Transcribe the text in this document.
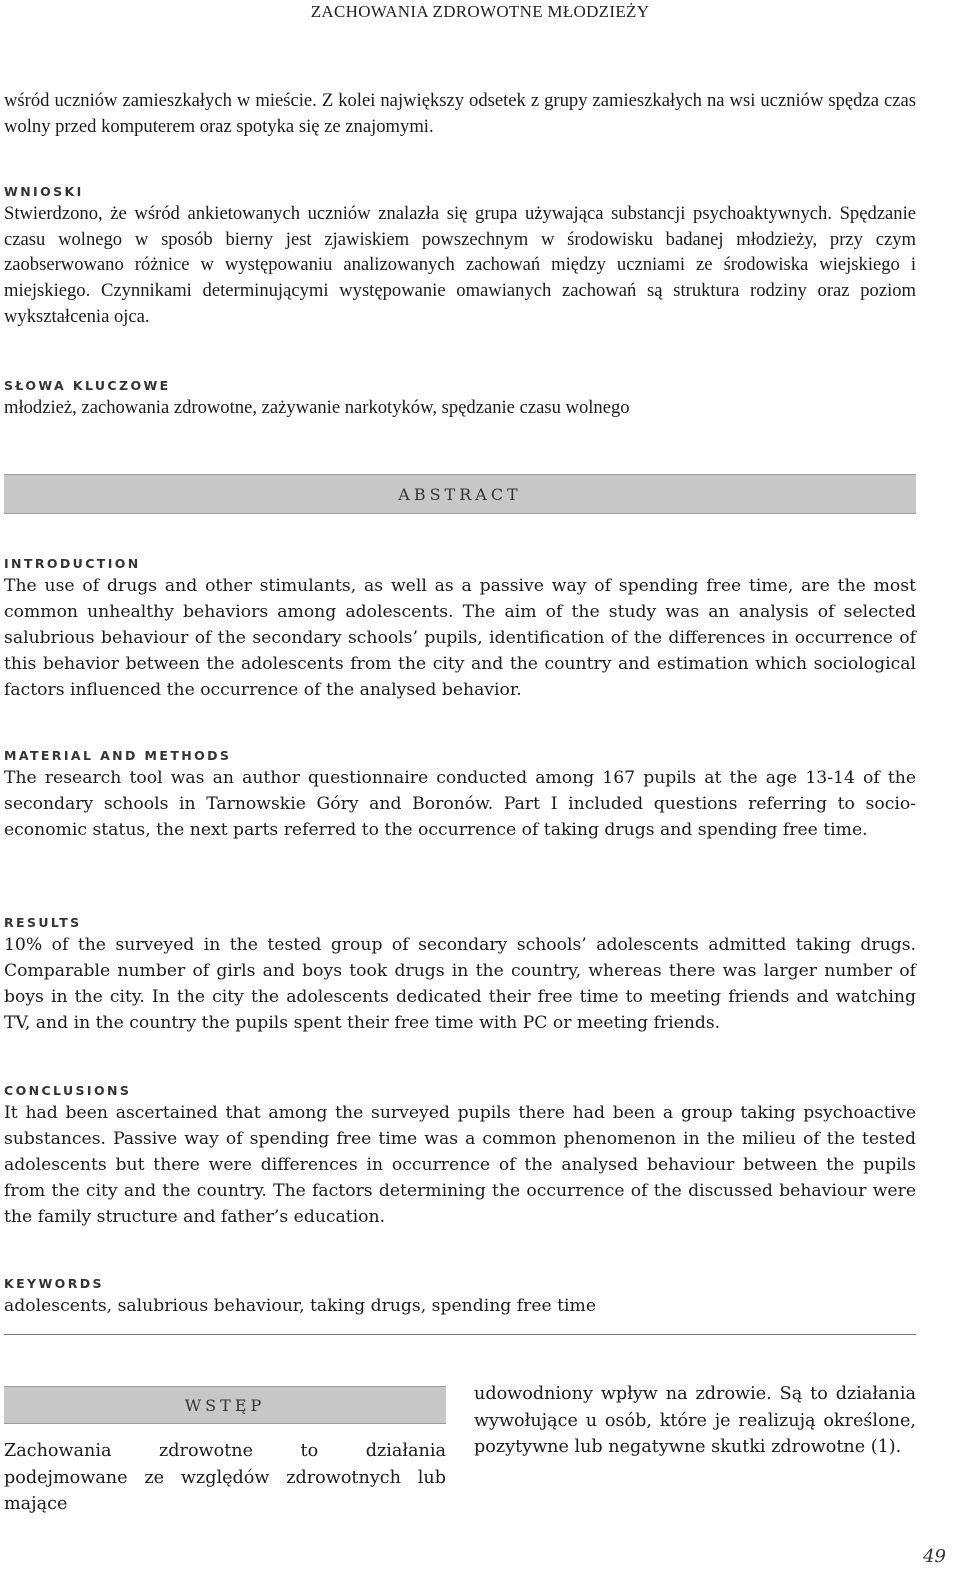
ZACHOWANIA ZDROWOTNE MŁODZIEŻY

wśród uczniów zamieszkałych w mieście. Z kolei największy odsetek z grupy zamieszkałych na wsi uczniów spędza czas wolny przed komputerem oraz spotyka się ze znajomymi.

WNIOSKI

Stwierdzono, że wśród ankietowanych uczniów znalazła się grupa używająca substancji psychoaktywnych. Spędzanie czasu wolnego w sposób bierny jest zjawiskiem powszechnym w środowisku badanej młodzieży, przy czym zaobserwowano różnice w występowaniu analizowanych zachowań między uczniami ze środowiska wiejskiego i miejskiego. Czynnikami determinującymi występowanie omawianych zachowań są struktura rodziny oraz poziom wykształcenia ojca.

SŁOWA KLUCZOWE

młodzież, zachowania zdrowotne, zażywanie narkotyków, spędzanie czasu wolnego

ABSTRACT
INTRODUCTION

The use of drugs and other stimulants, as well as a passive way of spending free time, are the most common unhealthy behaviors among adolescents. The aim of the study was an analysis of selected salubrious behaviour of the secondary schools’ pupils, identification of the differences in occurrence of this behavior between the adolescents from the city and the country and estimation which sociological factors influenced the occurrence of the analysed behavior.

MATERIAL AND METHODS

The research tool was an author questionnaire conducted among 167 pupils at the age 13-14 of the secondary schools in Tarnowskie Góry and Boronów. Part I included questions referring to socio-economic status, the next parts referred to the occurrence of taking drugs and spending free time.

RESULTS

10% of the surveyed in the tested group of secondary schools’ adolescents admitted taking drugs. Comparable number of girls and boys took drugs in the country, whereas there was larger number of boys in the city. In the city the adolescents dedicated their free time to meeting friends and watching TV, and in the country the pupils spent their free time with PC or meeting friends.

CONCLUSIONS

It had been ascertained that among the surveyed pupils there had been a group taking psychoactive substances. Passive way of spending free time was a common phenomenon in the milieu of the tested adolescents but there were differences in occurrence of the analysed behaviour between the pupils from the city and the country. The factors determining the occurrence of the discussed behaviour were the family structure and father’s education.

KEYWORDS

adolescents, salubrious behaviour, taking drugs, spending free time

WSTĘP

Zachowania zdrowotne to działania podejmowane ze względów zdrowotnych lub mające

udowodniony wpływ na zdrowie. Są to działania wywołujące u osób, które je realizują określone, pozytywne lub negatywne skutki zdrowotne (1).

49
